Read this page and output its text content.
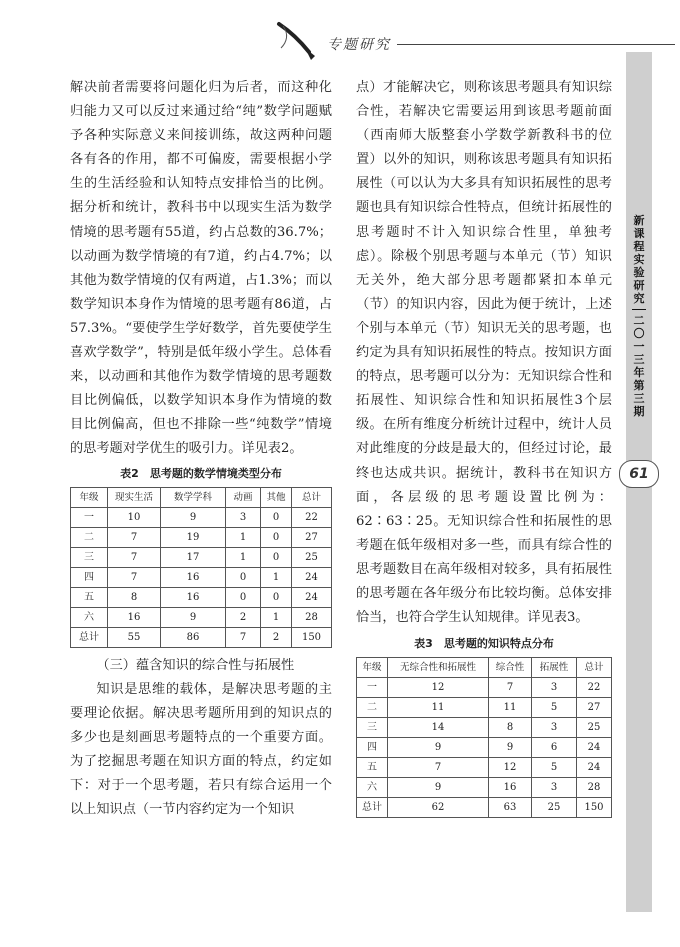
专题研究

解决前者需要将问题化归为后者，而这种化归能力又可以反过来通过给“纯”数学问题赋予各种实际意义来间接训练，故这两种问题各有各的作用，都不可偏废，需要根据小学生的生活经验和认知特点安排恰当的比例。据分析和统计，教科书中以现实生活为数学情境的思考题有55道，约占总数的36.7%；以动画为数学情境的有7道，约占4.7%；以其他为数学情境的仅有两道，占1.3%；而以数学知识本身作为情境的思考题有86道，占57.3%。“要使学生学好数学，首先要使学生喜欢学数学”，特别是低年级小学生。总体看来，以动画和其他作为数学情境的思考题数目比例偏低，以数学知识本身作为情境的数目比例偏高，但也不排除一些“纯数学”情境的思考题对学优生的吸引力。详见表2。

表2　思考题的数学情境类型分布

年级	现实生活	数学学科	动画	其他	总计
一	10	9	3	0	22
二	7	19	1	0	27
三	7	17	1	0	25
四	7	16	0	1	24
五	8	16	0	0	24
六	16	9	2	1	28
总计	55	86	7	2	150

（三）蕴含知识的综合性与拓展性

知识是思维的载体，是解决思考题的主要理论依据。解决思考题所用到的知识点的多少也是刻画思考题特点的一个重要方面。为了挖掘思考题在知识方面的特点，约定如下：对于一个思考题，若只有综合运用一个以上知识点（一节内容约定为一个知识

点）才能解决它，则称该思考题具有知识综合性，若解决它需要运用到该思考题前面（西南师大版整套小学数学新教科书的位置）以外的知识，则称该思考题具有知识拓展性（可以认为大多具有知识拓展性的思考题也具有知识综合性特点，但统计拓展性的思考题时不计入知识综合性里，单独考虑）。除极个别思考题与本单元（节）知识无关外，绝大部分思考题都紧扣本单元（节）的知识内容，因此为便于统计，上述个别与本单元（节）知识无关的思考题，也约定为具有知识拓展性的特点。按知识方面的特点，思考题可以分为：无知识综合性和拓展性、知识综合性和知识拓展性3个层级。在所有维度分析统计过程中，统计人员对此维度的分歧是最大的，但经过讨论，最终也达成共识。据统计，教科书在知识方面，各层级的思考题设置比例为：62∶63∶25。无知识综合性和拓展性的思考题在低年级相对多一些，而具有综合性的思考题数目在高年级相对较多，具有拓展性的思考题在各年级分布比较均衡。总体安排恰当，也符合学生认知规律。详见表3。

表3　思考题的知识特点分布

年级	无综合性和拓展性	综合性	拓展性	总计
一	12	7	3	22
二	11	11	5	27
三	14	8	3	25
四	9	9	6	24
五	7	12	5	24
六	9	16	3	28
总计	62	63	25	150
新
课
程
实
验
研
究
二
〇
一
三
年
第
三
期
61
